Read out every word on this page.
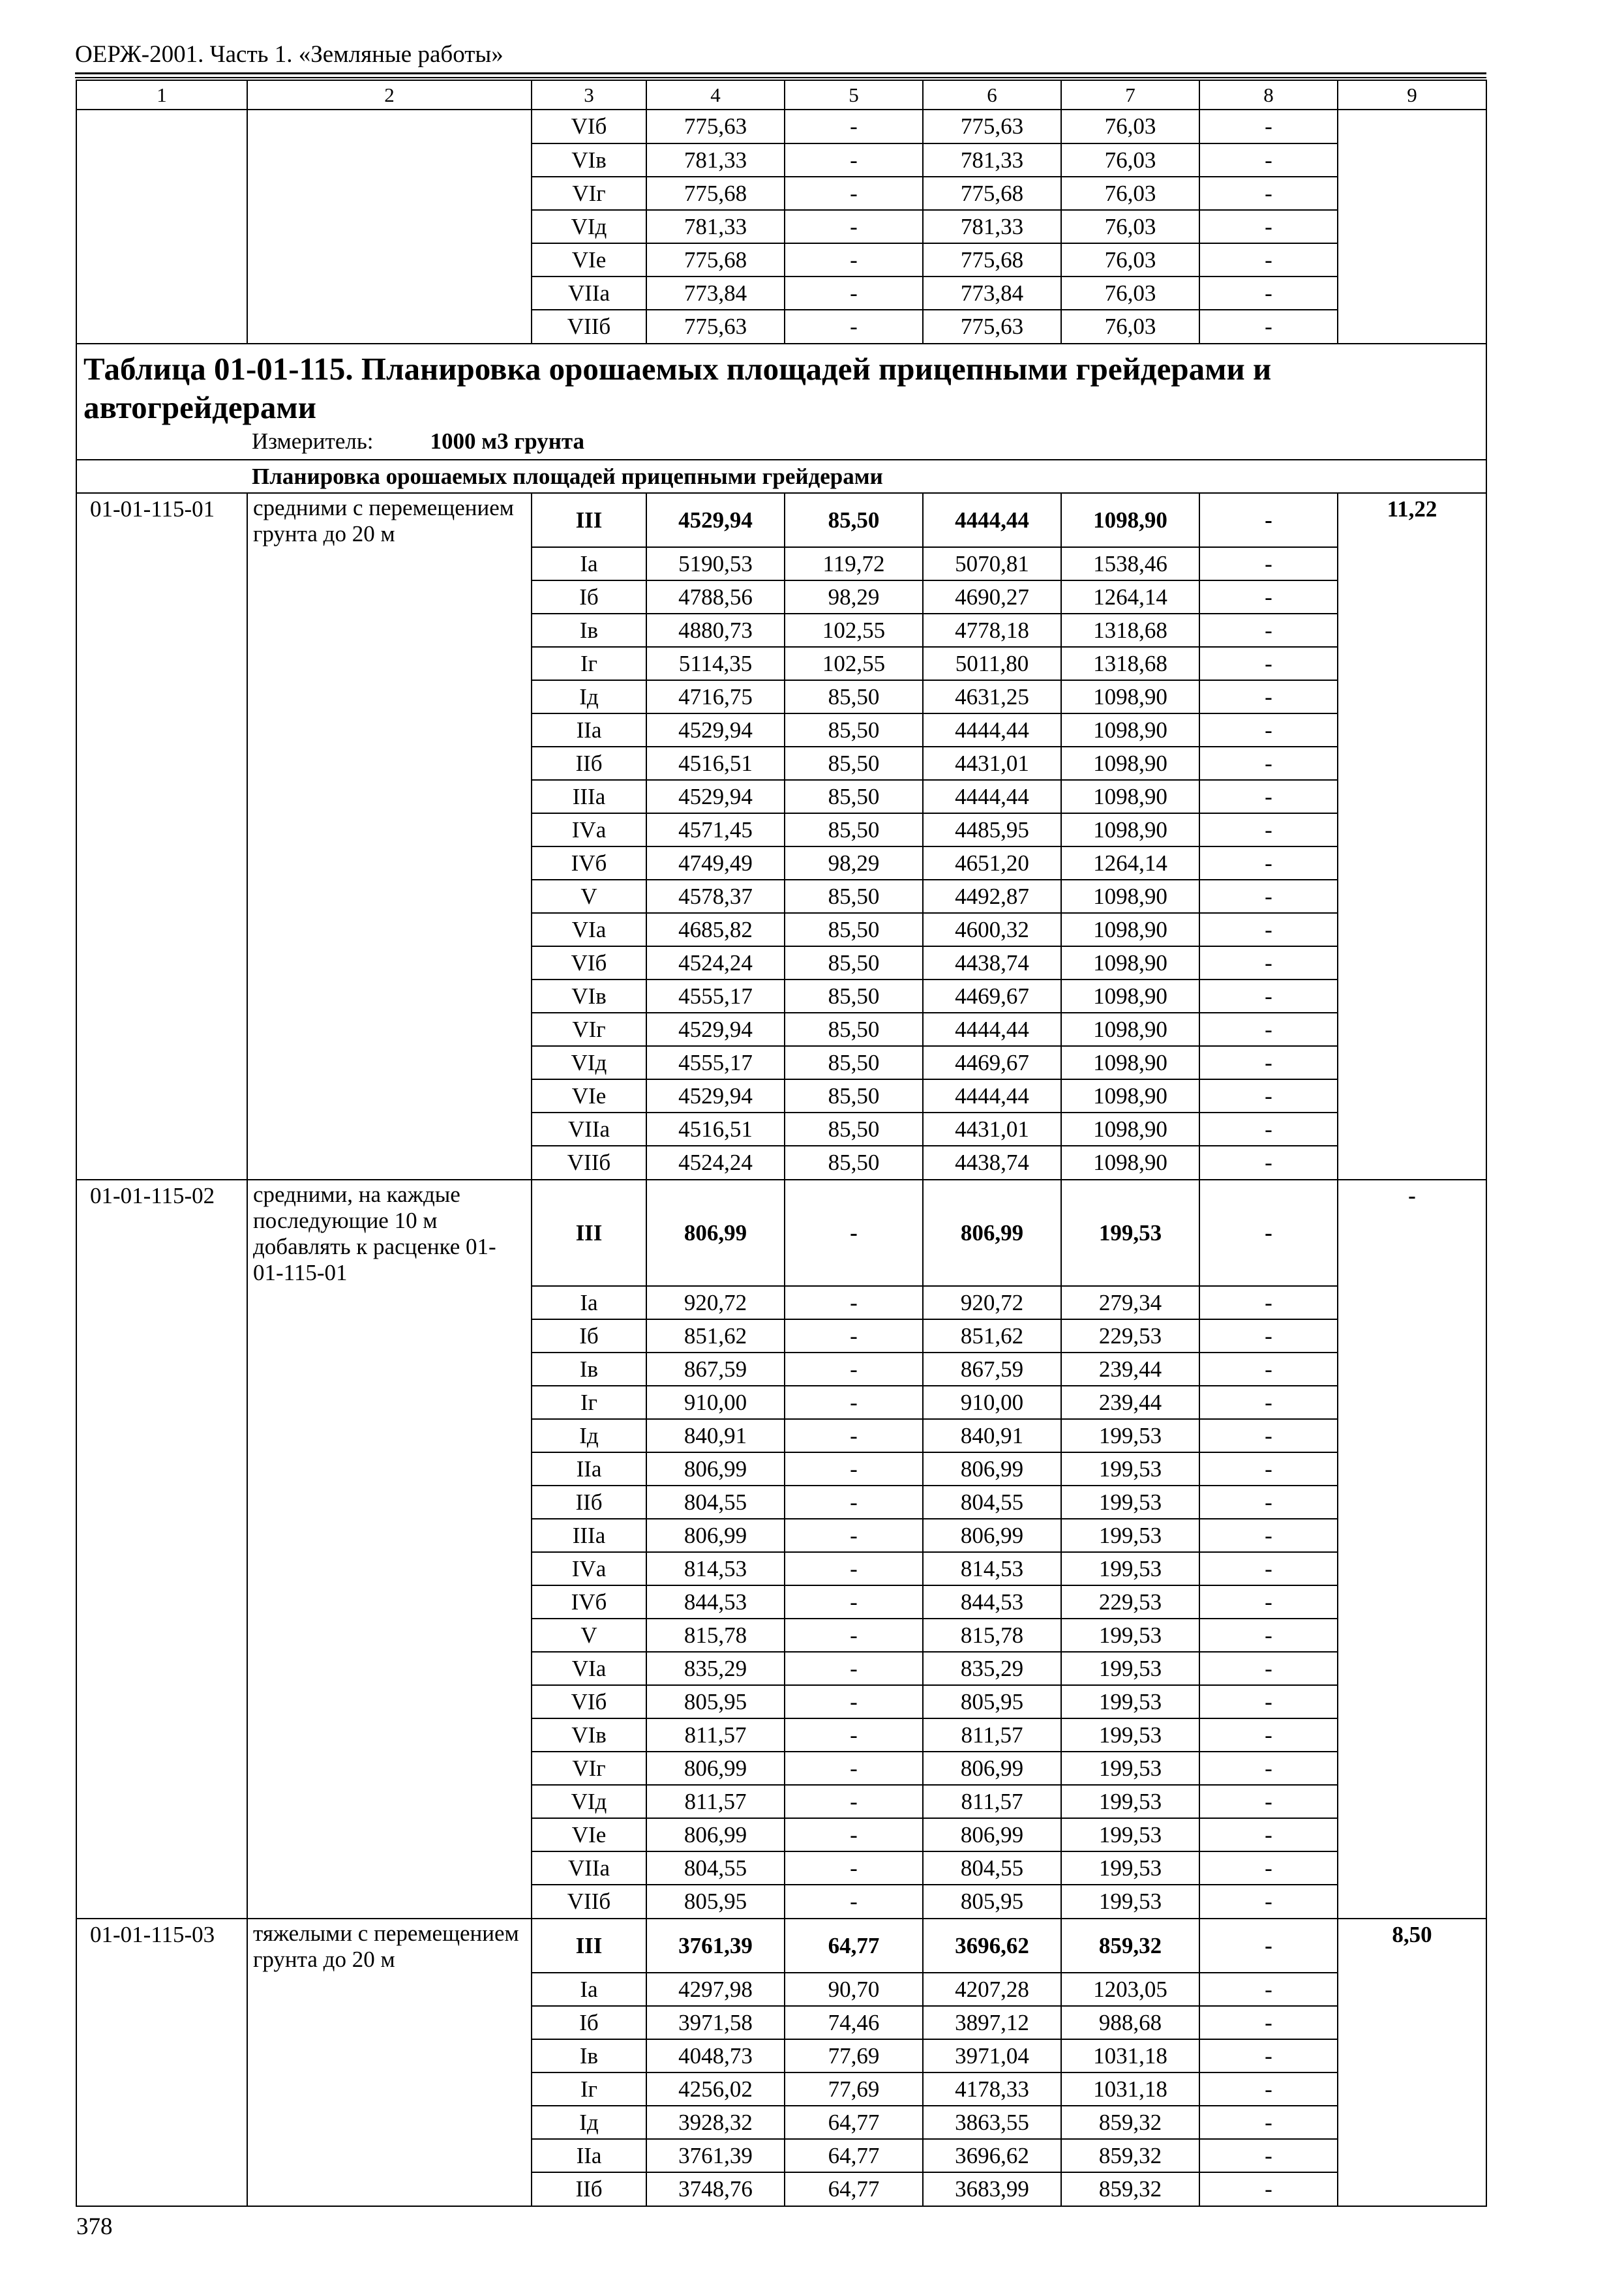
ОЕРЖ-2001. Часть 1. «Земляные работы»
1	2	3	4	5	6	7	8	9
		VIб	775,63	-	775,63	76,03	-	
		VIв	781,33	-	781,33	76,03	-	
		VIг	775,68	-	775,68	76,03	-	
		VIд	781,33	-	781,33	76,03	-	
		VIе	775,68	-	775,68	76,03	-	
		VIIа	773,84	-	773,84	76,03	-	
		VIIб	775,63	-	775,63	76,03	-	

Таблица 01-01-115. Планировка орошаемых площадей прицепными грейдерами и автогрейдерами
Измеритель: 1000 м3 грунта								

Планировка орошаемых площадей прицепными грейдерами								
01-01-115-01	средними с перемещением грунта до 20 м	III	4529,94	85,50	4444,44	1098,90	-	11,22
		Iа	5190,53	119,72	5070,81	1538,46	-	
		Iб	4788,56	98,29	4690,27	1264,14	-	
		Iв	4880,73	102,55	4778,18	1318,68	-	
		Iг	5114,35	102,55	5011,80	1318,68	-	
		Iд	4716,75	85,50	4631,25	1098,90	-	
		IIа	4529,94	85,50	4444,44	1098,90	-	
		IIб	4516,51	85,50	4431,01	1098,90	-	
		IIIа	4529,94	85,50	4444,44	1098,90	-	
		IVа	4571,45	85,50	4485,95	1098,90	-	
		IVб	4749,49	98,29	4651,20	1264,14	-	
		V	4578,37	85,50	4492,87	1098,90	-	
		VIа	4685,82	85,50	4600,32	1098,90	-	
		VIб	4524,24	85,50	4438,74	1098,90	-	
		VIв	4555,17	85,50	4469,67	1098,90	-	
		VIг	4529,94	85,50	4444,44	1098,90	-	
		VIд	4555,17	85,50	4469,67	1098,90	-	
		VIе	4529,94	85,50	4444,44	1098,90	-	
		VIIа	4516,51	85,50	4431,01	1098,90	-	
		VIIб	4524,24	85,50	4438,74	1098,90	-	
01-01-115-02	средними, на каждые последующие 10 м добавлять к расценке 01-01-115-01	III	806,99	-	806,99	199,53	-	-
		Iа	920,72	-	920,72	279,34	-	
		Iб	851,62	-	851,62	229,53	-	
		Iв	867,59	-	867,59	239,44	-	
		Iг	910,00	-	910,00	239,44	-	
		Iд	840,91	-	840,91	199,53	-	
		IIа	806,99	-	806,99	199,53	-	
		IIб	804,55	-	804,55	199,53	-	
		IIIа	806,99	-	806,99	199,53	-	
		IVа	814,53	-	814,53	199,53	-	
		IVб	844,53	-	844,53	229,53	-	
		V	815,78	-	815,78	199,53	-	
		VIа	835,29	-	835,29	199,53	-	
		VIб	805,95	-	805,95	199,53	-	
		VIв	811,57	-	811,57	199,53	-	
		VIг	806,99	-	806,99	199,53	-	
		VIд	811,57	-	811,57	199,53	-	
		VIе	806,99	-	806,99	199,53	-	
		VIIа	804,55	-	804,55	199,53	-	
		VIIб	805,95	-	805,95	199,53	-	
01-01-115-03	тяжелыми с перемещением грунта до 20 м	III	3761,39	64,77	3696,62	859,32	-	8,50
		Iа	4297,98	90,70	4207,28	1203,05	-	
		Iб	3971,58	74,46	3897,12	988,68	-	
		Iв	4048,73	77,69	3971,04	1031,18	-	
		Iг	4256,02	77,69	4178,33	1031,18	-	
		Iд	3928,32	64,77	3863,55	859,32	-	
		IIа	3761,39	64,77	3696,62	859,32	-	
		IIб	3748,76	64,77	3683,99	859,32	-	
378
